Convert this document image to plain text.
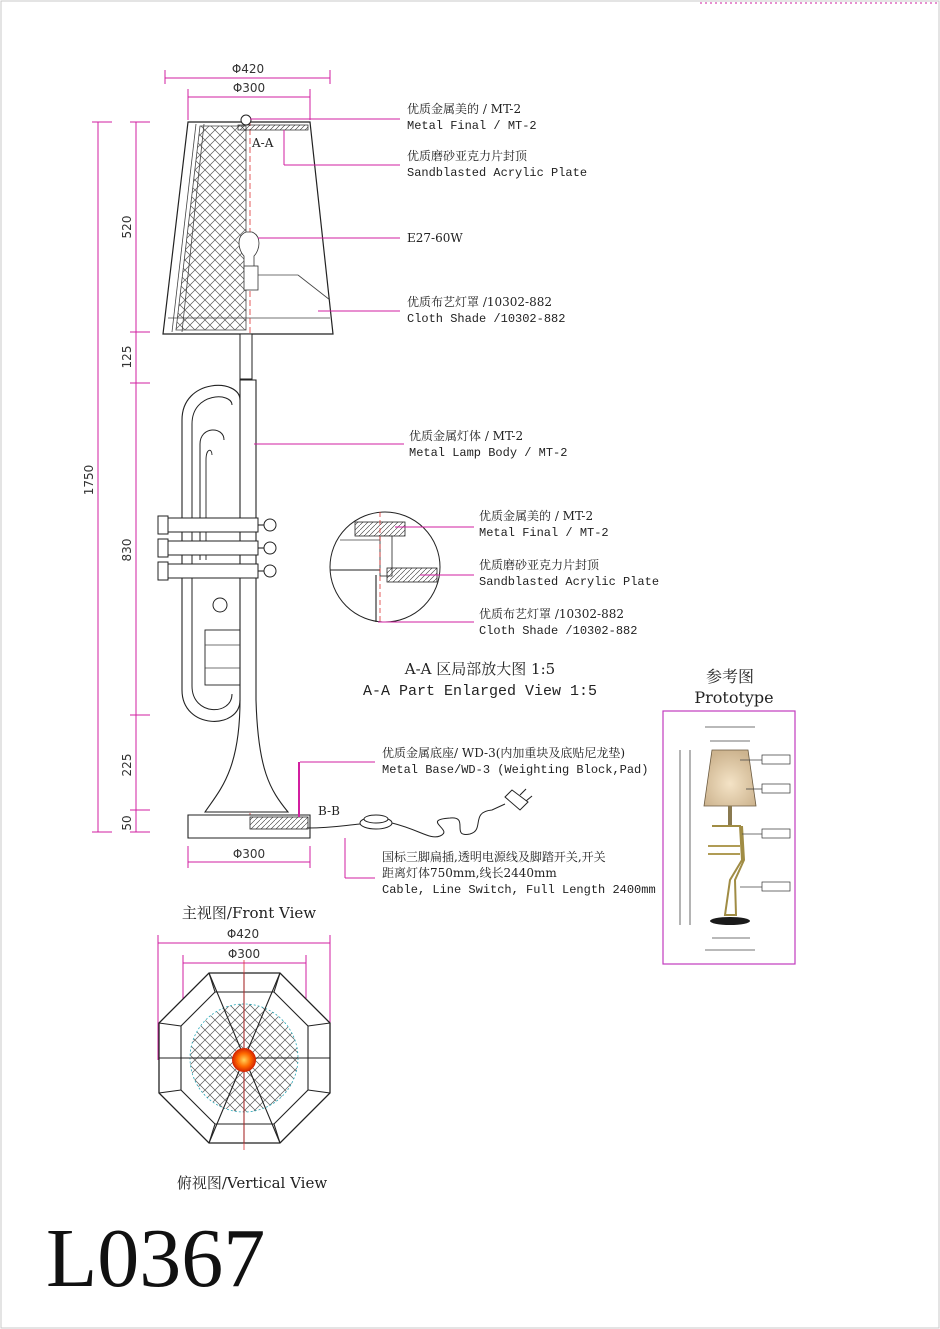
Φ420
Φ300
1750
520
125
830
225
50
Φ300
A-A
B-B
优质金属美的 / MT-2
Metal Final / MT-2
优质磨砂亚克力片封顶
Sandblasted Acrylic Plate
E27-60W
优质布艺灯罩 /10302-882
Cloth Shade /10302-882
优质金属灯体 / MT-2
Metal Lamp Body / MT-2
优质金属底座/ WD-3(内加重块及底贴尼龙垫)
Metal Base/WD-3 (Weighting Block,Pad)
国标三脚扁插,透明电源线及脚踏开关,开关
距离灯体750mm,线长2440mm
Cable, Line Switch, Full Length 2400mm
优质金属美的 / MT-2
Metal Final / MT-2
优质磨砂亚克力片封顶
Sandblasted Acrylic Plate
优质布艺灯罩 /10302-882
Cloth Shade /10302-882
A-A 区局部放大图 1:5
A-A Part Enlarged View 1:5
参考图
Prototype
主视图/Front View
Φ420
Φ300
俯视图/Vertical View
L0367
